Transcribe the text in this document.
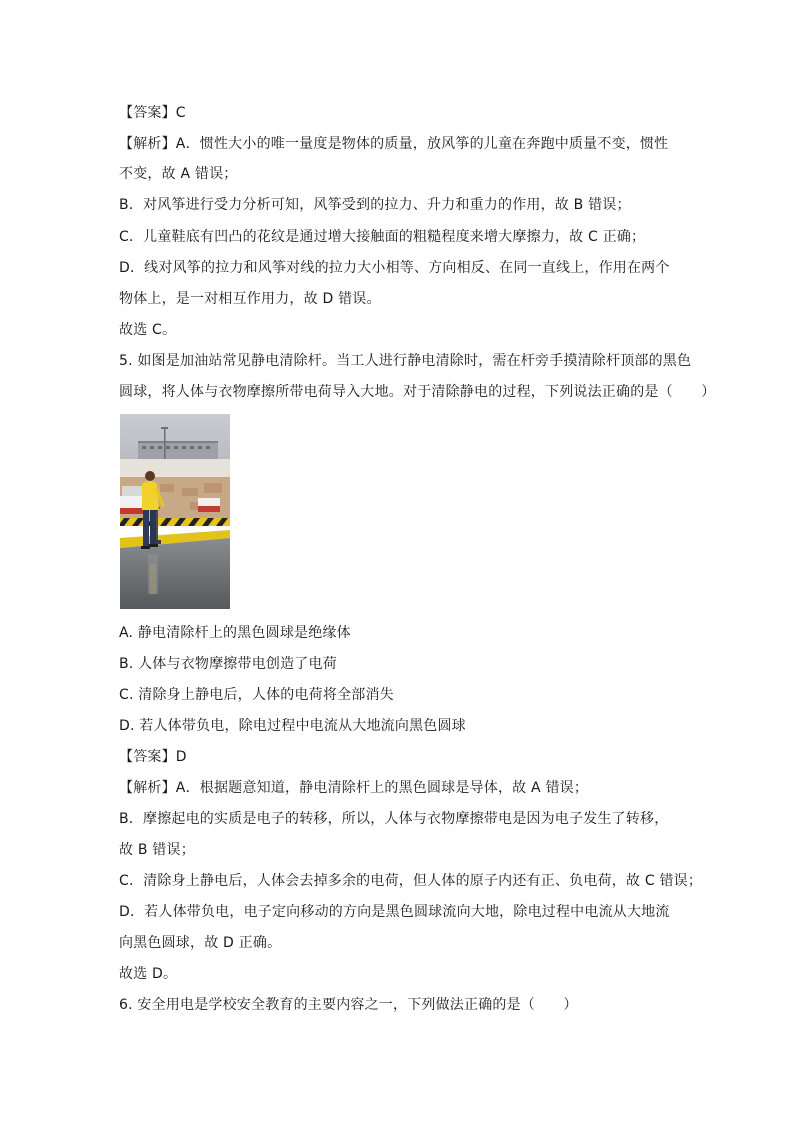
【答案】C
【解析】A．惯性大小的唯一量度是物体的质量，放风筝的儿童在奔跑中质量不变，惯性
不变，故 A 错误；
B．对风筝进行受力分析可知，风筝受到的拉力、升力和重力的作用，故 B 错误；
C．儿童鞋底有凹凸的花纹是通过增大接触面的粗糙程度来增大摩擦力，故 C 正确；
D．线对风筝的拉力和风筝对线的拉力大小相等、方向相反、在同一直线上，作用在两个
物体上，是一对相互作用力，故 D 错误。
故选 C。
5. 如图是加油站常见静电清除杆。当工人进行静电清除时，需在杆旁手摸清除杆顶部的黑色
圆球，将人体与衣物摩擦所带电荷导入大地。对于清除静电的过程，下列说法正确的是（　　）
A. 静电清除杆上的黑色圆球是绝缘体
B. 人体与衣物摩擦带电创造了电荷
C. 清除身上静电后，人体的电荷将全部消失
D. 若人体带负电，除电过程中电流从大地流向黑色圆球
【答案】D
【解析】A．根据题意知道，静电清除杆上的黑色圆球是导体，故 A 错误；
B．摩擦起电的实质是电子的转移，所以，人体与衣物摩擦带电是因为电子发生了转移，
故 B 错误；
C．清除身上静电后，人体会去掉多余的电荷，但人体的原子内还有正、负电荷，故 C 错误；
D．若人体带负电，电子定向移动的方向是黑色圆球流向大地，除电过程中电流从大地流
向黑色圆球，故 D 正确。
故选 D。
6. 安全用电是学校安全教育的主要内容之一，下列做法正确的是（　　）
